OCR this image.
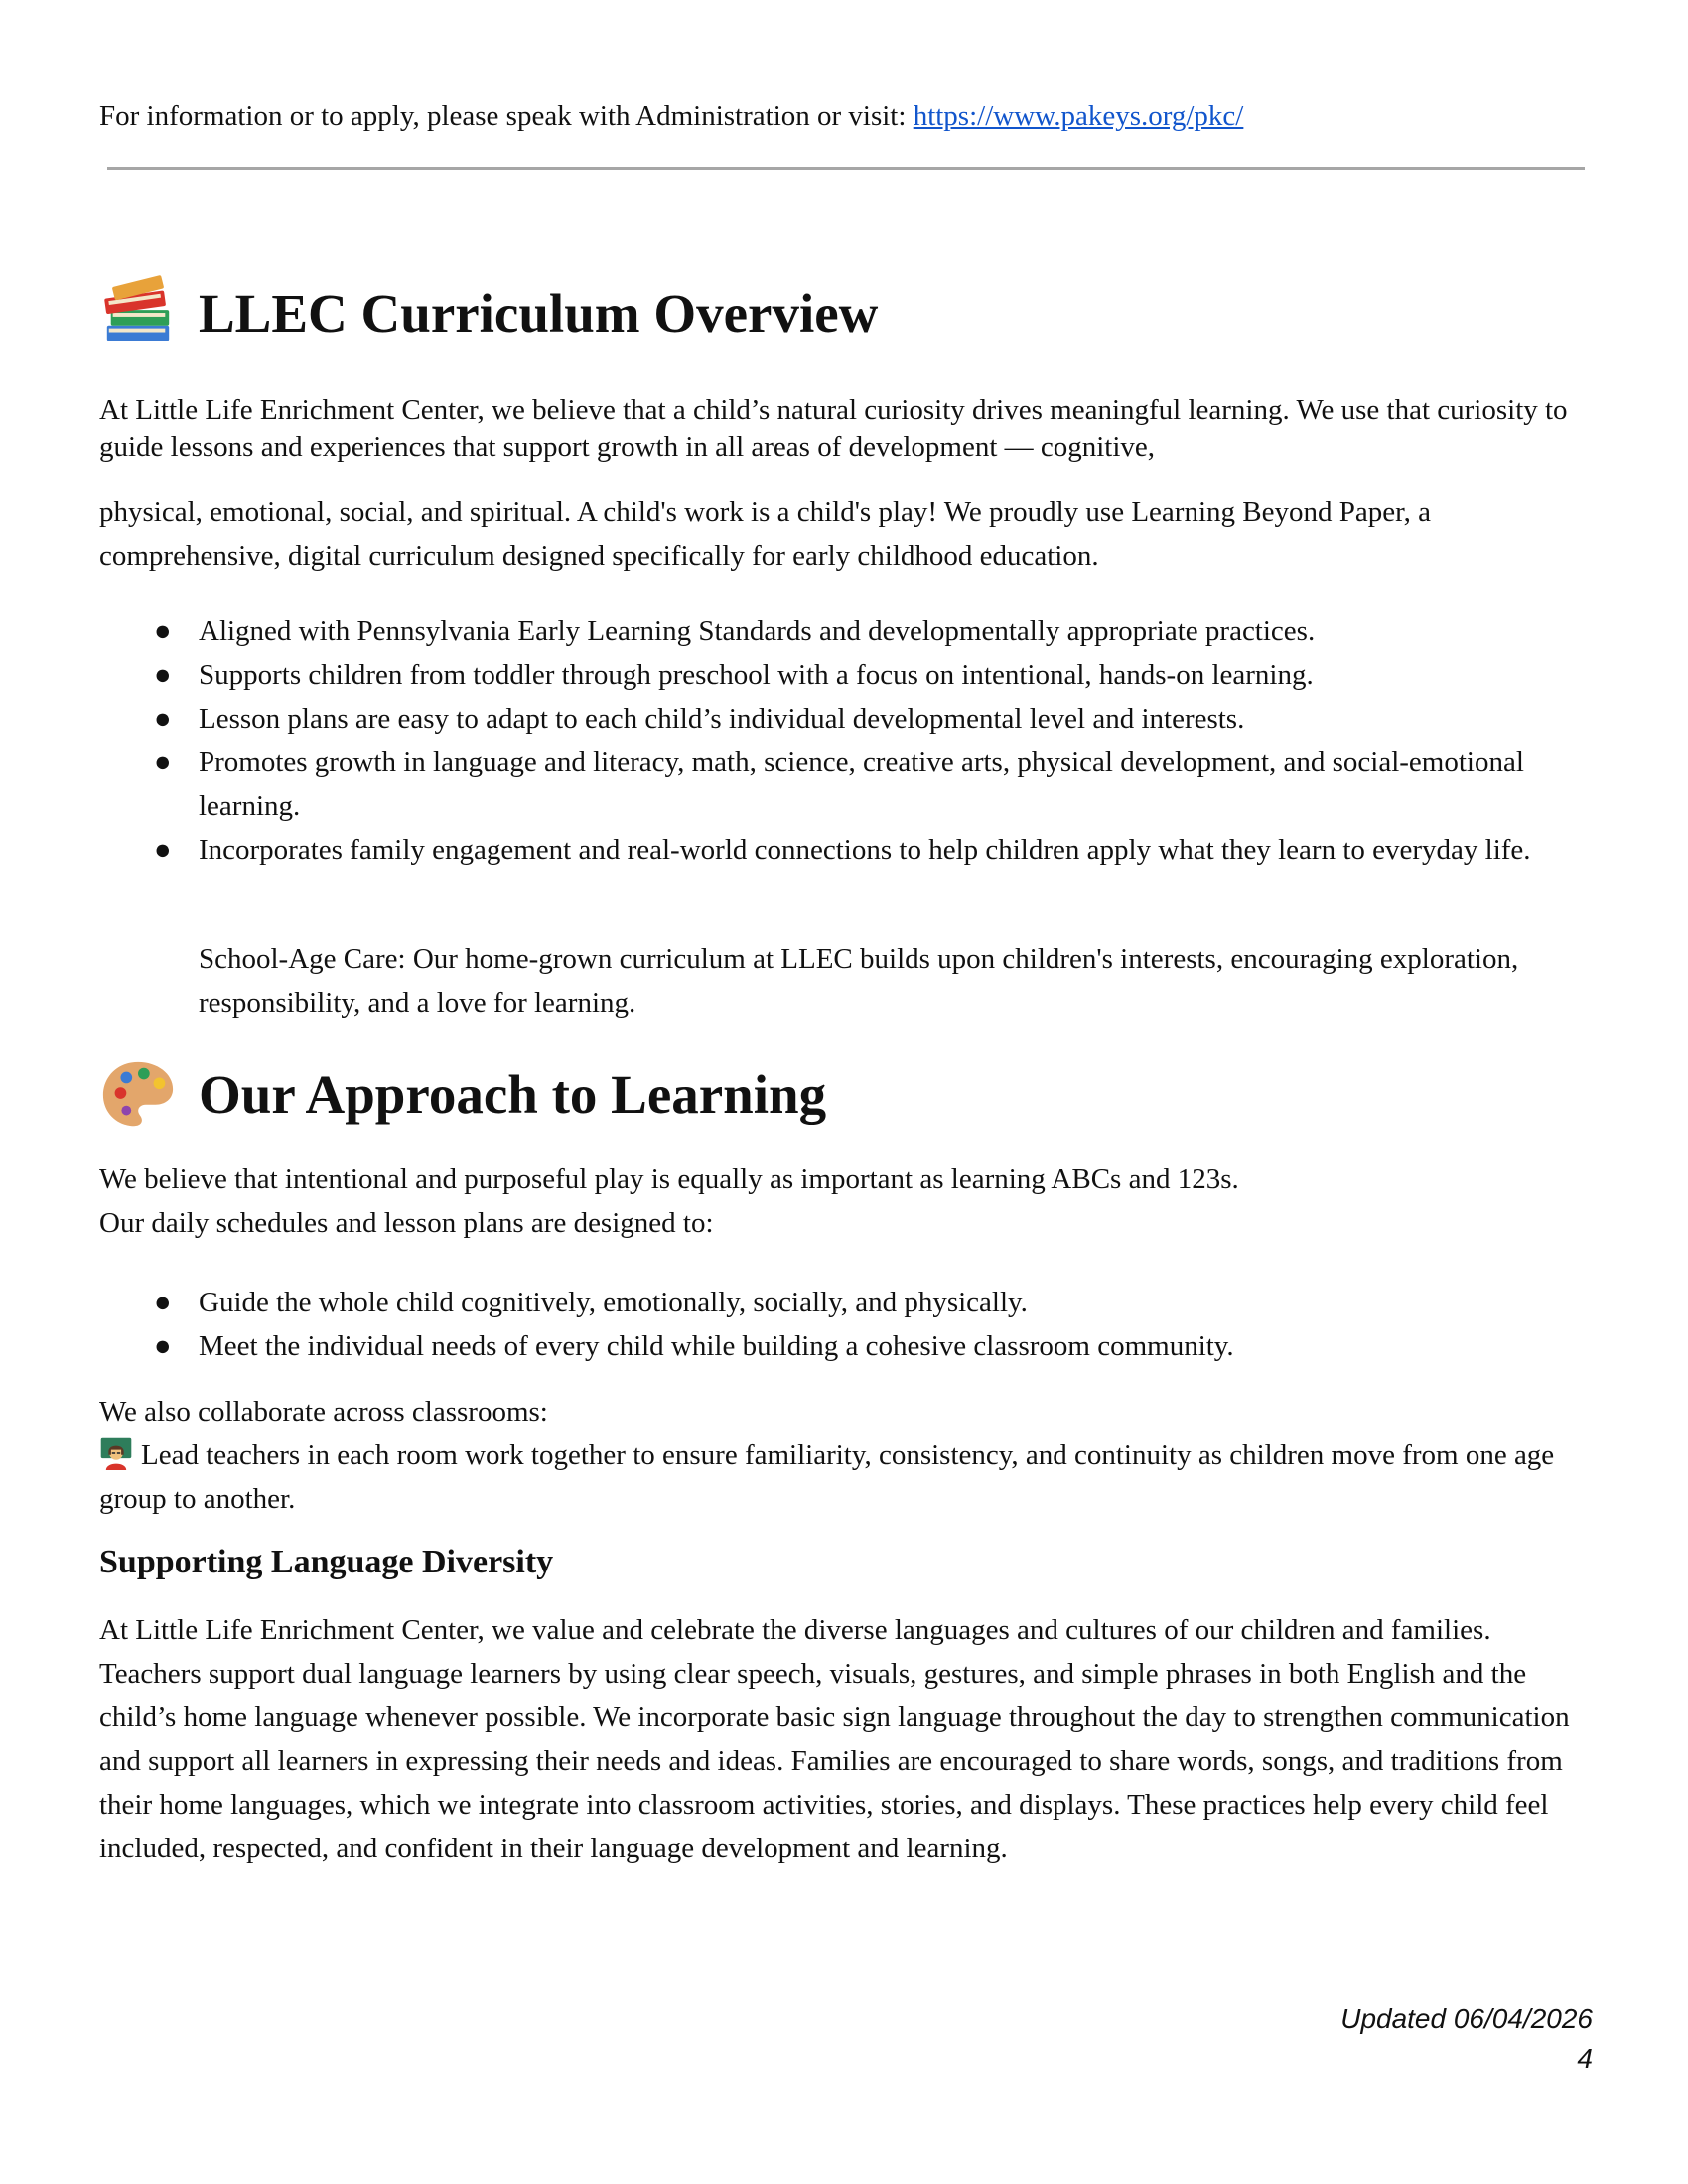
For information or to apply, please speak with Administration or visit: https://www.pakeys.org/pkc/
LLEC Curriculum Overview

At Little Life Enrichment Center, we believe that a child’s natural curiosity drives meaningful learning. We use that curiosity to guide lessons and experiences that support growth in all areas of development — cognitive,

physical, emotional, social, and spiritual. A child's work is a child's play! We proudly use Learning Beyond Paper, a comprehensive, digital curriculum designed specifically for early childhood education.

● Aligned with Pennsylvania Early Learning Standards and developmentally appropriate practices.
● Supports children from toddler through preschool with a focus on intentional, hands-on learning.
● Lesson plans are easy to adapt to each child’s individual developmental level and interests.
● Promotes growth in language and literacy, math, science, creative arts, physical development, and social-emotional learning.
● Incorporates family engagement and real-world connections to help children apply what they learn to everyday life.

School-Age Care: Our home-grown curriculum at LLEC builds upon children's interests, encouraging exploration, responsibility, and a love for learning.

Our Approach to Learning

We believe that intentional and purposeful play is equally as important as learning ABCs and 123s.

Our daily schedules and lesson plans are designed to:

● Guide the whole child cognitively, emotionally, socially, and physically.
● Meet the individual needs of every child while building a cohesive classroom community.

We also collaborate across classrooms:

Lead teachers in each room work together to ensure familiarity, consistency, and continuity as children move from one age group to another.

Supporting Language Diversity

At Little Life Enrichment Center, we value and celebrate the diverse languages and cultures of our children and families. Teachers support dual language learners by using clear speech, visuals, gestures, and simple phrases in both English and the child’s home language whenever possible. We incorporate basic sign language throughout the day to strengthen communication and support all learners in expressing their needs and ideas. Families are encouraged to share words, songs, and traditions from their home languages, which we integrate into classroom activities, stories, and displays. These practices help every child feel included, respected, and confident in their language development and learning.

Updated 06/04/2026
4
